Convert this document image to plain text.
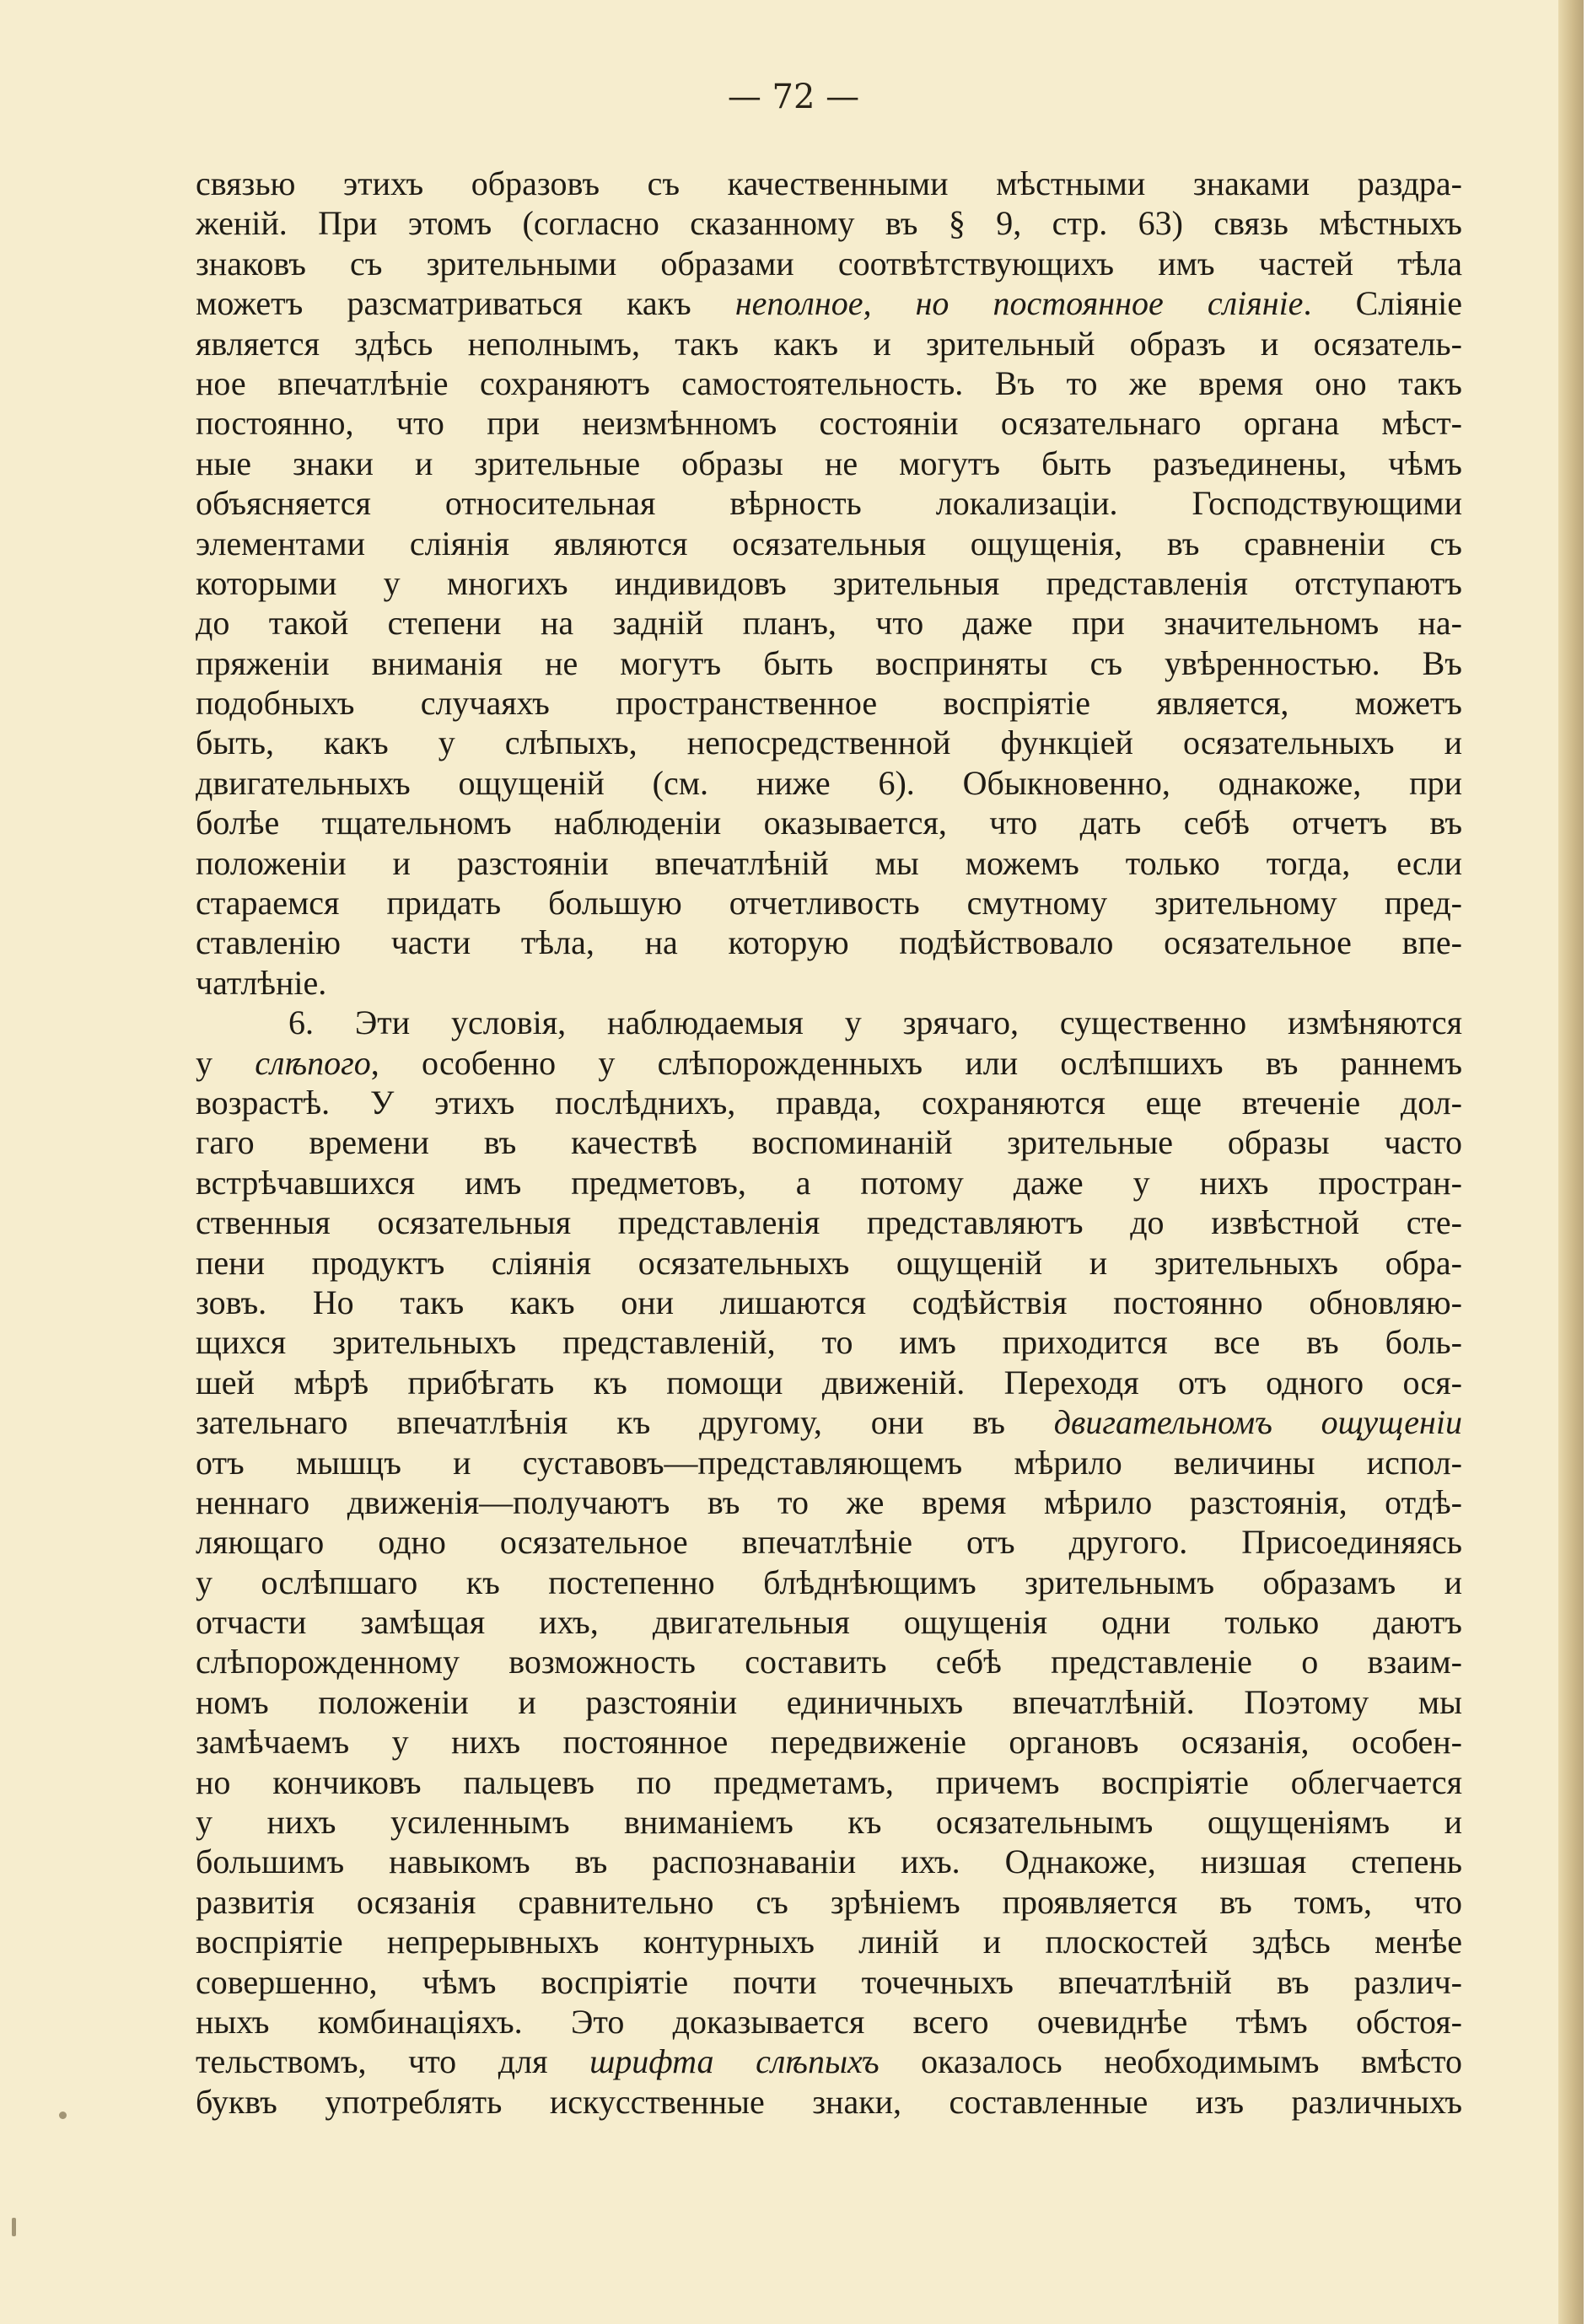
— 72 —
связью этихъ образовъ съ качественными мѣстными знаками раздра-
женій. При этомъ (согласно сказанному въ § 9, стр. 63) связь мѣстныхъ
знаковъ съ зрительными образами соотвѣтствующихъ имъ частей тѣла
можетъ разсматриваться какъ неполное, но постоянное сліяніе. Сліяніе
является здѣсь неполнымъ, такъ какъ и зрительный образъ и осязатель-
ное впечатлѣніе сохраняютъ самостоятельность. Въ то же время оно такъ
постоянно, что при неизмѣнномъ состояніи осязательнаго органа мѣст-
ные знаки и зрительные образы не могутъ быть разъединены, чѣмъ
объясняется относительная вѣрность локализаціи. Господствующими
элементами сліянія являются осязательныя ощущенія, въ сравненіи съ
которыми у многихъ индивидовъ зрительныя представленія отступаютъ
до такой степени на заднiй планъ, что даже при значительномъ на-
пряженіи вниманія не могутъ быть восприняты съ увѣренностью. Въ
подобныхъ случаяхъ пространственное воспріятіе является, можетъ
быть, какъ у слѣпыхъ, непосредственной функціей осязательныхъ и
двигательныхъ ощущеній (см. ниже 6). Обыкновенно, однакоже, при
болѣе тщательномъ наблюденіи оказывается, что дать себѣ отчетъ въ
положеніи и разстояніи впечатлѣній мы можемъ только тогда, если
стараемся придать большую отчетливость смутному зрительному пред-
ставленію части тѣла, на которую подѣйствовало осязательное впе-
чатлѣніе.
6. Эти условія, наблюдаемыя у зрячаго, существенно измѣняются
у слѣпого, особенно у слѣпорожденныхъ или ослѣпшихъ въ раннемъ
возрастѣ. У этихъ послѣднихъ, правда, сохраняются еще втеченіе дол-
гаго времени въ качествѣ воспоминаній зрительные образы часто
встрѣчавшихся имъ предметовъ, а потому даже у нихъ простран-
ственныя осязательныя представленія представляютъ до извѣстной сте-
пени продуктъ сліянія осязательныхъ ощущеній и зрительныхъ обра-
зовъ. Но такъ какъ они лишаются содѣйствія постоянно обновляю-
щихся зрительныхъ представленій, то имъ приходится все въ боль-
шей мѣрѣ прибѣгать къ помощи движеній. Переходя отъ одного ося-
зательнаго впечатлѣнія къ другому, они въ двигательномъ ощущеніи
отъ мышцъ и суставовъ—представляющемъ мѣрило величины испол-
неннаго движенія—получаютъ въ то же время мѣрило разстоянія, отдѣ-
ляющаго одно осязательное впечатлѣніе отъ другого. Присоединяясь
у ослѣпшаго къ постепенно блѣднѣющимъ зрительнымъ образамъ и
отчасти замѣщая ихъ, двигательныя ощущенія одни только даютъ
слѣпорожденному возможность составить себѣ представленіе о взаим-
номъ положеніи и разстояніи единичныхъ впечатлѣній. Поэтому мы
замѣчаемъ у нихъ постоянное передвиженіе органовъ осязанія, особен-
но кончиковъ пальцевъ по предметамъ, причемъ воспріятіе облегчается
у нихъ усиленнымъ вниманіемъ къ осязательнымъ ощущеніямъ и
большимъ навыкомъ въ распознаваніи ихъ. Однакоже, низшая степень
развитія осязанія сравнительно съ зрѣніемъ проявляется въ томъ, что
воспріятіе непрерывныхъ контурныхъ линій и плоскостей здѣсь менѣе
совершенно, чѣмъ воспріятіе почти точечныхъ впечатлѣній въ различ-
ныхъ комбинаціяхъ. Это доказывается всего очевиднѣе тѣмъ обстоя-
тельствомъ, что для шрифта слѣпыхъ оказалось необходимымъ вмѣсто
буквъ употреблять искусственные знаки, составленные изъ различныхъ
